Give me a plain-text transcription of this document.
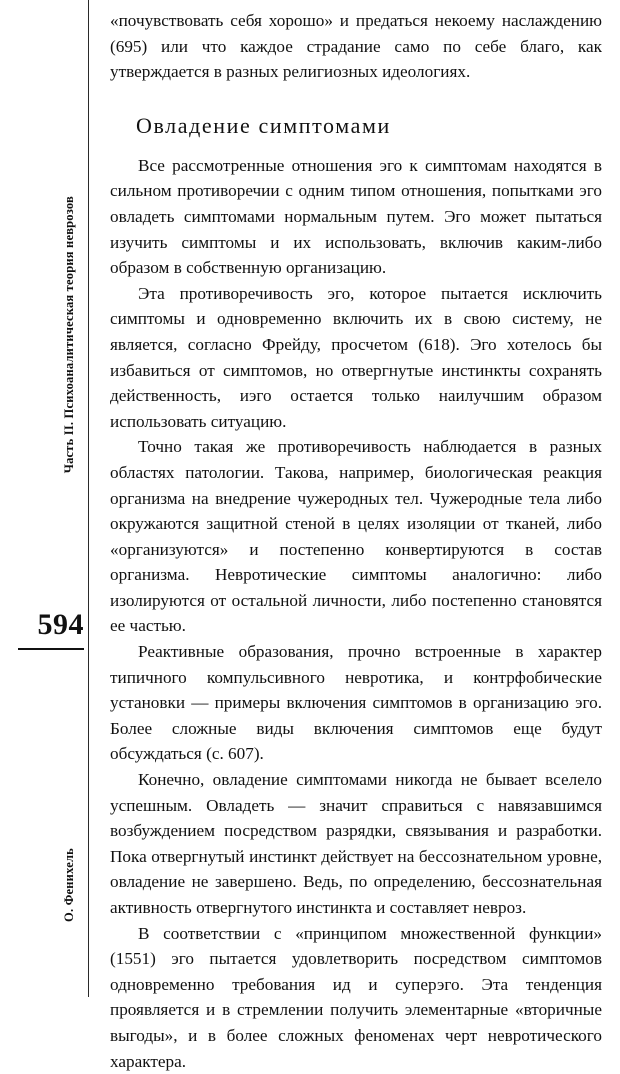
Часть II. Психоаналитическая теория неврозов
О. Фенихель
594

«почувствовать себя хорошо» и предаться некоему наслаждению (695) или что каждое страдание само по себе благо, как утверждается в разных религиозных идеологиях.

Овладение симптомами

Все рассмотренные отношения эго к симптомам находятся в сильном противоречии с одним типом отношения, попытками эго овладеть симптомами нормальным путем. Эго может пытаться изучить симптомы и их использовать, включив каким-либо образом в собственную организацию.

Эта противоречивость эго, которое пытается исключить симптомы и одновременно включить их в свою систему, не является, согласно Фрейду, просчетом (618). Эго хотелось бы избавиться от симптомов, но отвергнутые инстинкты сохранять действенность, иэго остается только наилучшим образом использовать ситуацию.

Точно такая же противоречивость наблюдается в разных областях патологии. Такова, например, биологическая реакция организма на внедрение чужеродных тел. Чужеродные тела либо окружаются защитной стеной в целях изоляции от тканей, либо «организуются» и постепенно конвертируются в состав организма. Невротические симптомы аналогично: либо изолируются от остальной личности, либо постепенно становятся ее частью.

Реактивные образования, прочно встроенные в характер типичного компульсивного невротика, и контрфобические установки — примеры включения симптомов в организацию эго. Более сложные виды включения симптомов еще будут обсуждаться (с. 607).

Конечно, овладение симптомами никогда не бывает вселело успешным. Овладеть — значит справиться с навязавшимся возбуждением посредством разрядки, связывания и разработки. Пока отвергнутый инстинкт действует на бессознательном уровне, овладение не завершено. Ведь, по определению, бессознательная активность отвергнутого инстинкта и составляет невроз.

В соответствии с «принципом множественной функции» (1551) эго пытается удовлетворить посредством симптомов одновременно требования ид и суперэго. Эта тенденция проявляется и в стремлении получить элементарные «вторичные выгоды», и в более сложных феноменах черт невротического характера.
